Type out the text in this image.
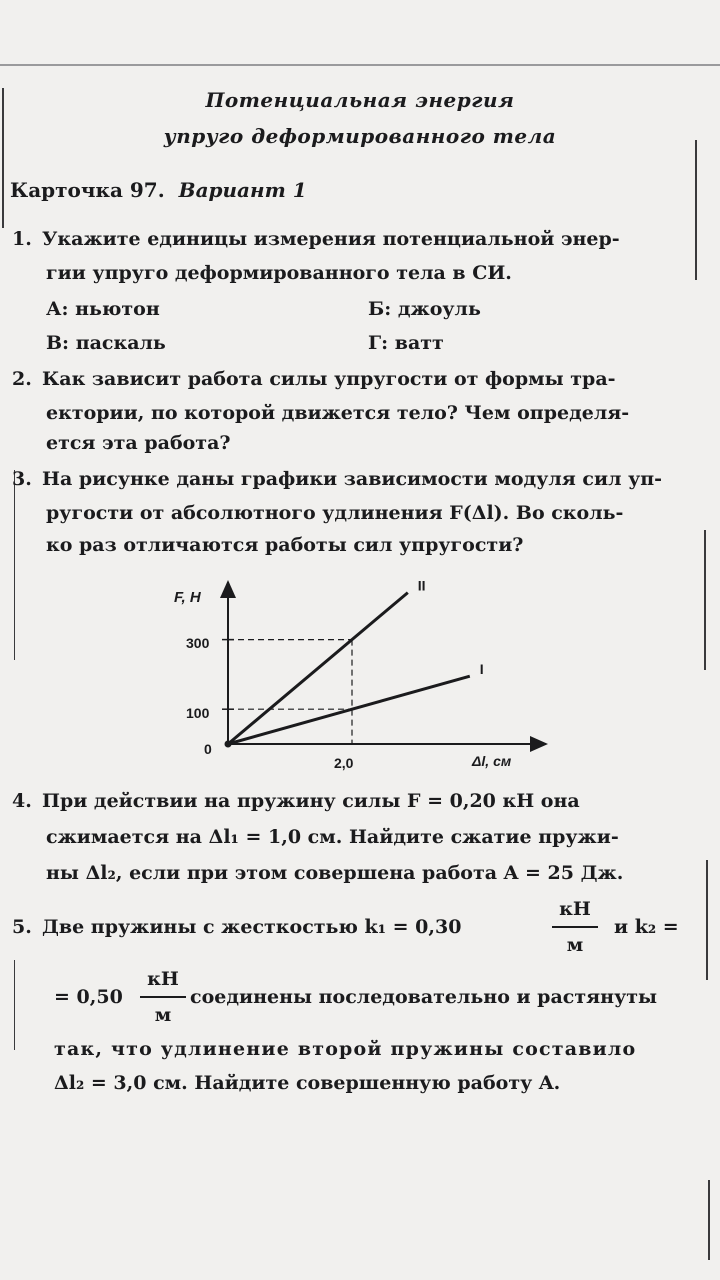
Потенциальная энергия
упруго деформированного тела
Карточка 97. Вариант 1
1. Укажите единицы измерения потенциальной энер-
гии упруго деформированного тела в СИ.
А: ньютон	Б: джоуль
В: паскаль	Г: ватт
2. Как зависит работа силы упругости от формы тра-
ектории, по которой движется тело? Чем определя-
ется эта работа?
3. На рисунке даны графики зависимости модуля сил уп-
ругости от абсолютного удлинения F(Δl). Во сколь-
ко раз отличаются работы сил упругости?
F, Н
Δl, см
300
100
0
2,0
II
I
4. При действии на пружину силы F = 0,20 кН она
сжимается на Δl₁ = 1,0 см. Найдите сжатие пружи-
ны Δl₂, если при этом совершена работа A = 25 Дж.
5. Две пружины с жесткостью k₁ = 0,30
кН
м
и k₂ =
= 0,50
кН
м
соединены последовательно и растянуты
так, что удлинение второй пружины составило
Δl₂ = 3,0 см. Найдите совершенную работу A.
